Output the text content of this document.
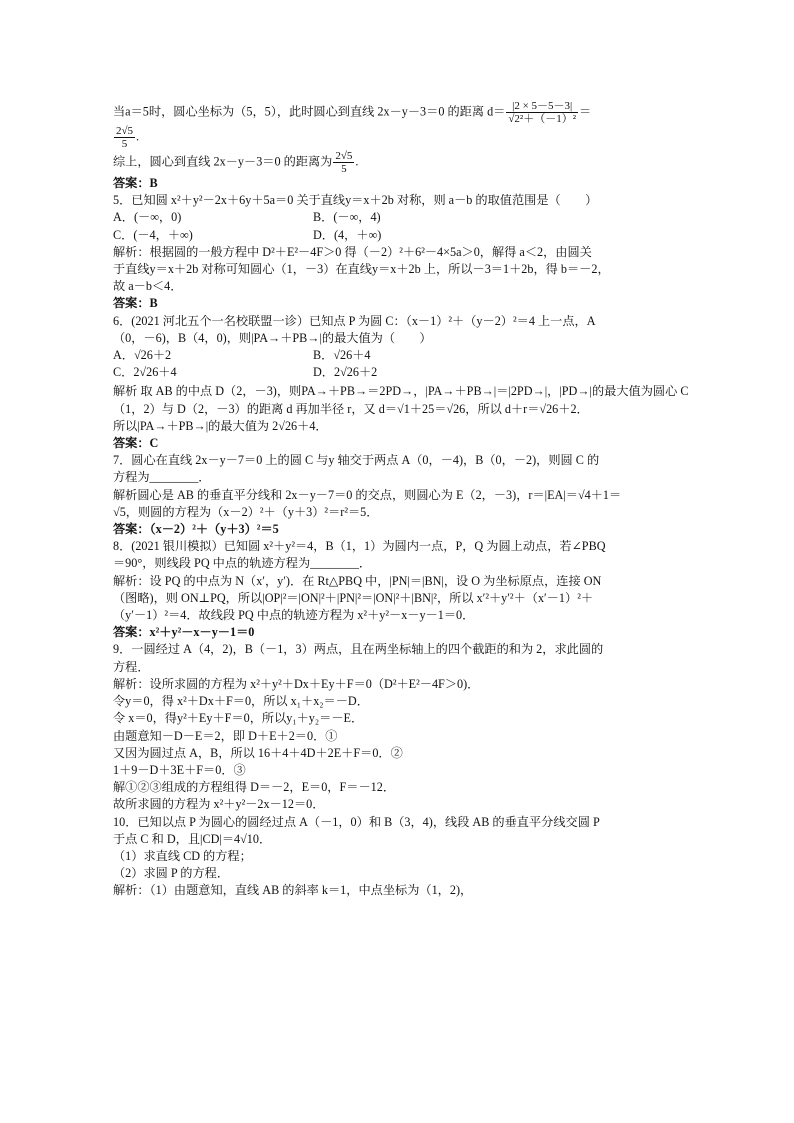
当a＝5时，圆心坐标为（5，5），此时圆心到直线 2x－y－3＝0 的距离 $d= \frac{|2 \times 5-5-3|}{\text{√2²＋（－1）²}}$ ＝
$\frac{2√5}{5}$ .
综上，圆心到直线 2x－y－3＝0 的距离为 $\frac{2√5}{5}$ .
答案：B
5．已知圆 x²＋y²－2x＋6y＋5a＝0 关于直线y＝x＋2b 对称，则 a－b 的取值范围是（　　）
A．(－∞，0)	B．(－∞，4)
C．(－4，＋∞)	D．(4，＋∞)
解析：根据圆的一般方程中 D²＋E²－4F＞0 得（－2）²＋6²－4×5a＞0，解得 a＜2，由圆关
于直线y＝x＋2b 对称可知圆心（1，－3）在直线y＝x＋2b 上，所以－3＝1＋2b，得 b＝－2，
故 a－b＜4．
答案：B
6．(2021 河北五个一名校联盟一诊）已知点 P 为圆 C：（x－1）²＋（y－2）²＝4 上一点，A
（0，－6)，B（4，0)，则|PA→＋PB→|的最大值为（　　）
A．√26＋2	B．√26＋4
C．2√26＋4	D．2√26＋2
解析 取 AB 的中点 D（2，－3)，则PA→＋PB→＝2PD→，|PA→＋PB→|＝|2PD→|，|PD→|的最大值为圆心 C
（1，2）与 D（2，－3）的距离 d 再加半径 r，又 d＝√1＋25＝√26，所以 d＋r＝√26＋2．
所以|PA→＋PB→|的最大值为 2√26＋4．
答案：C
7．圆心在直线 2x－y－7＝0 上的圆 C 与y 轴交于两点 A（0，－4)，B（0，－2)，则圆 C 的
方程为________．
解析圆心是 AB 的垂直平分线和 2x－y－7＝0 的交点，则圆心为 E（2，－3)，r＝|EA|＝√4＋1＝
√5，则圆的方程为（x－2）²＋（y＋3）²＝r²＝5．
答案：（x－2）²＋（y＋3）²＝5
8．(2021 银川模拟）已知圆 x²＋y²＝4，B（1，1）为圆内一点，P，Q 为圆上动点，若∠PBQ
＝90°，则线段 PQ 中点的轨迹方程为________．
解析：设 PQ 的中点为 N（x′，y′)．在 Rt△PBQ 中，|PN|＝|BN|，设 O 为坐标原点，连接 ON
（图略)，则 ON⊥PQ，所以|OP|²＝|ON|²＋|PN|²＝|ON|²＋|BN|²，所以 x′²＋y′²＋（x′－1）²＋
（y′－1）²＝4．故线段 PQ 中点的轨迹方程为 x²＋y²－x－y－1＝0．
答案：x²＋y²－x－y－1＝0
9．一圆经过 A（4，2)，B（－1，3）两点，且在两坐标轴上的四个截距的和为 2，求此圆的
方程．
解析：设所求圆的方程为 x²＋y²＋Dx＋Ey＋F＝0（D²＋E²－4F＞0)．
令y＝0，得 x²＋Dx＋F＝0，所以 x₁＋x₂＝－D．
令 x＝0，得y²＋Ey＋F＝0，所以y₁＋y₂＝－E．
由题意知－D－E＝2，即 D＋E＋2＝0．①
又因为圆过点 A，B，所以 16＋4＋4D＋2E＋F＝0．②
1＋9－D＋3E＋F＝0．③
解①②③组成的方程组得 D＝－2，E＝0，F＝－12．
故所求圆的方程为 x²＋y²－2x－12＝0．
10．已知以点 P 为圆心的圆经过点 A（－1，0）和 B（3，4)，线段 AB 的垂直平分线交圆 P
于点 C 和 D，且|CD|＝4√10．
（1）求直线 CD 的方程；
（2）求圆 P 的方程．
解析：（1）由题意知，直线 AB 的斜率 k＝1，中点坐标为（1，2)，
